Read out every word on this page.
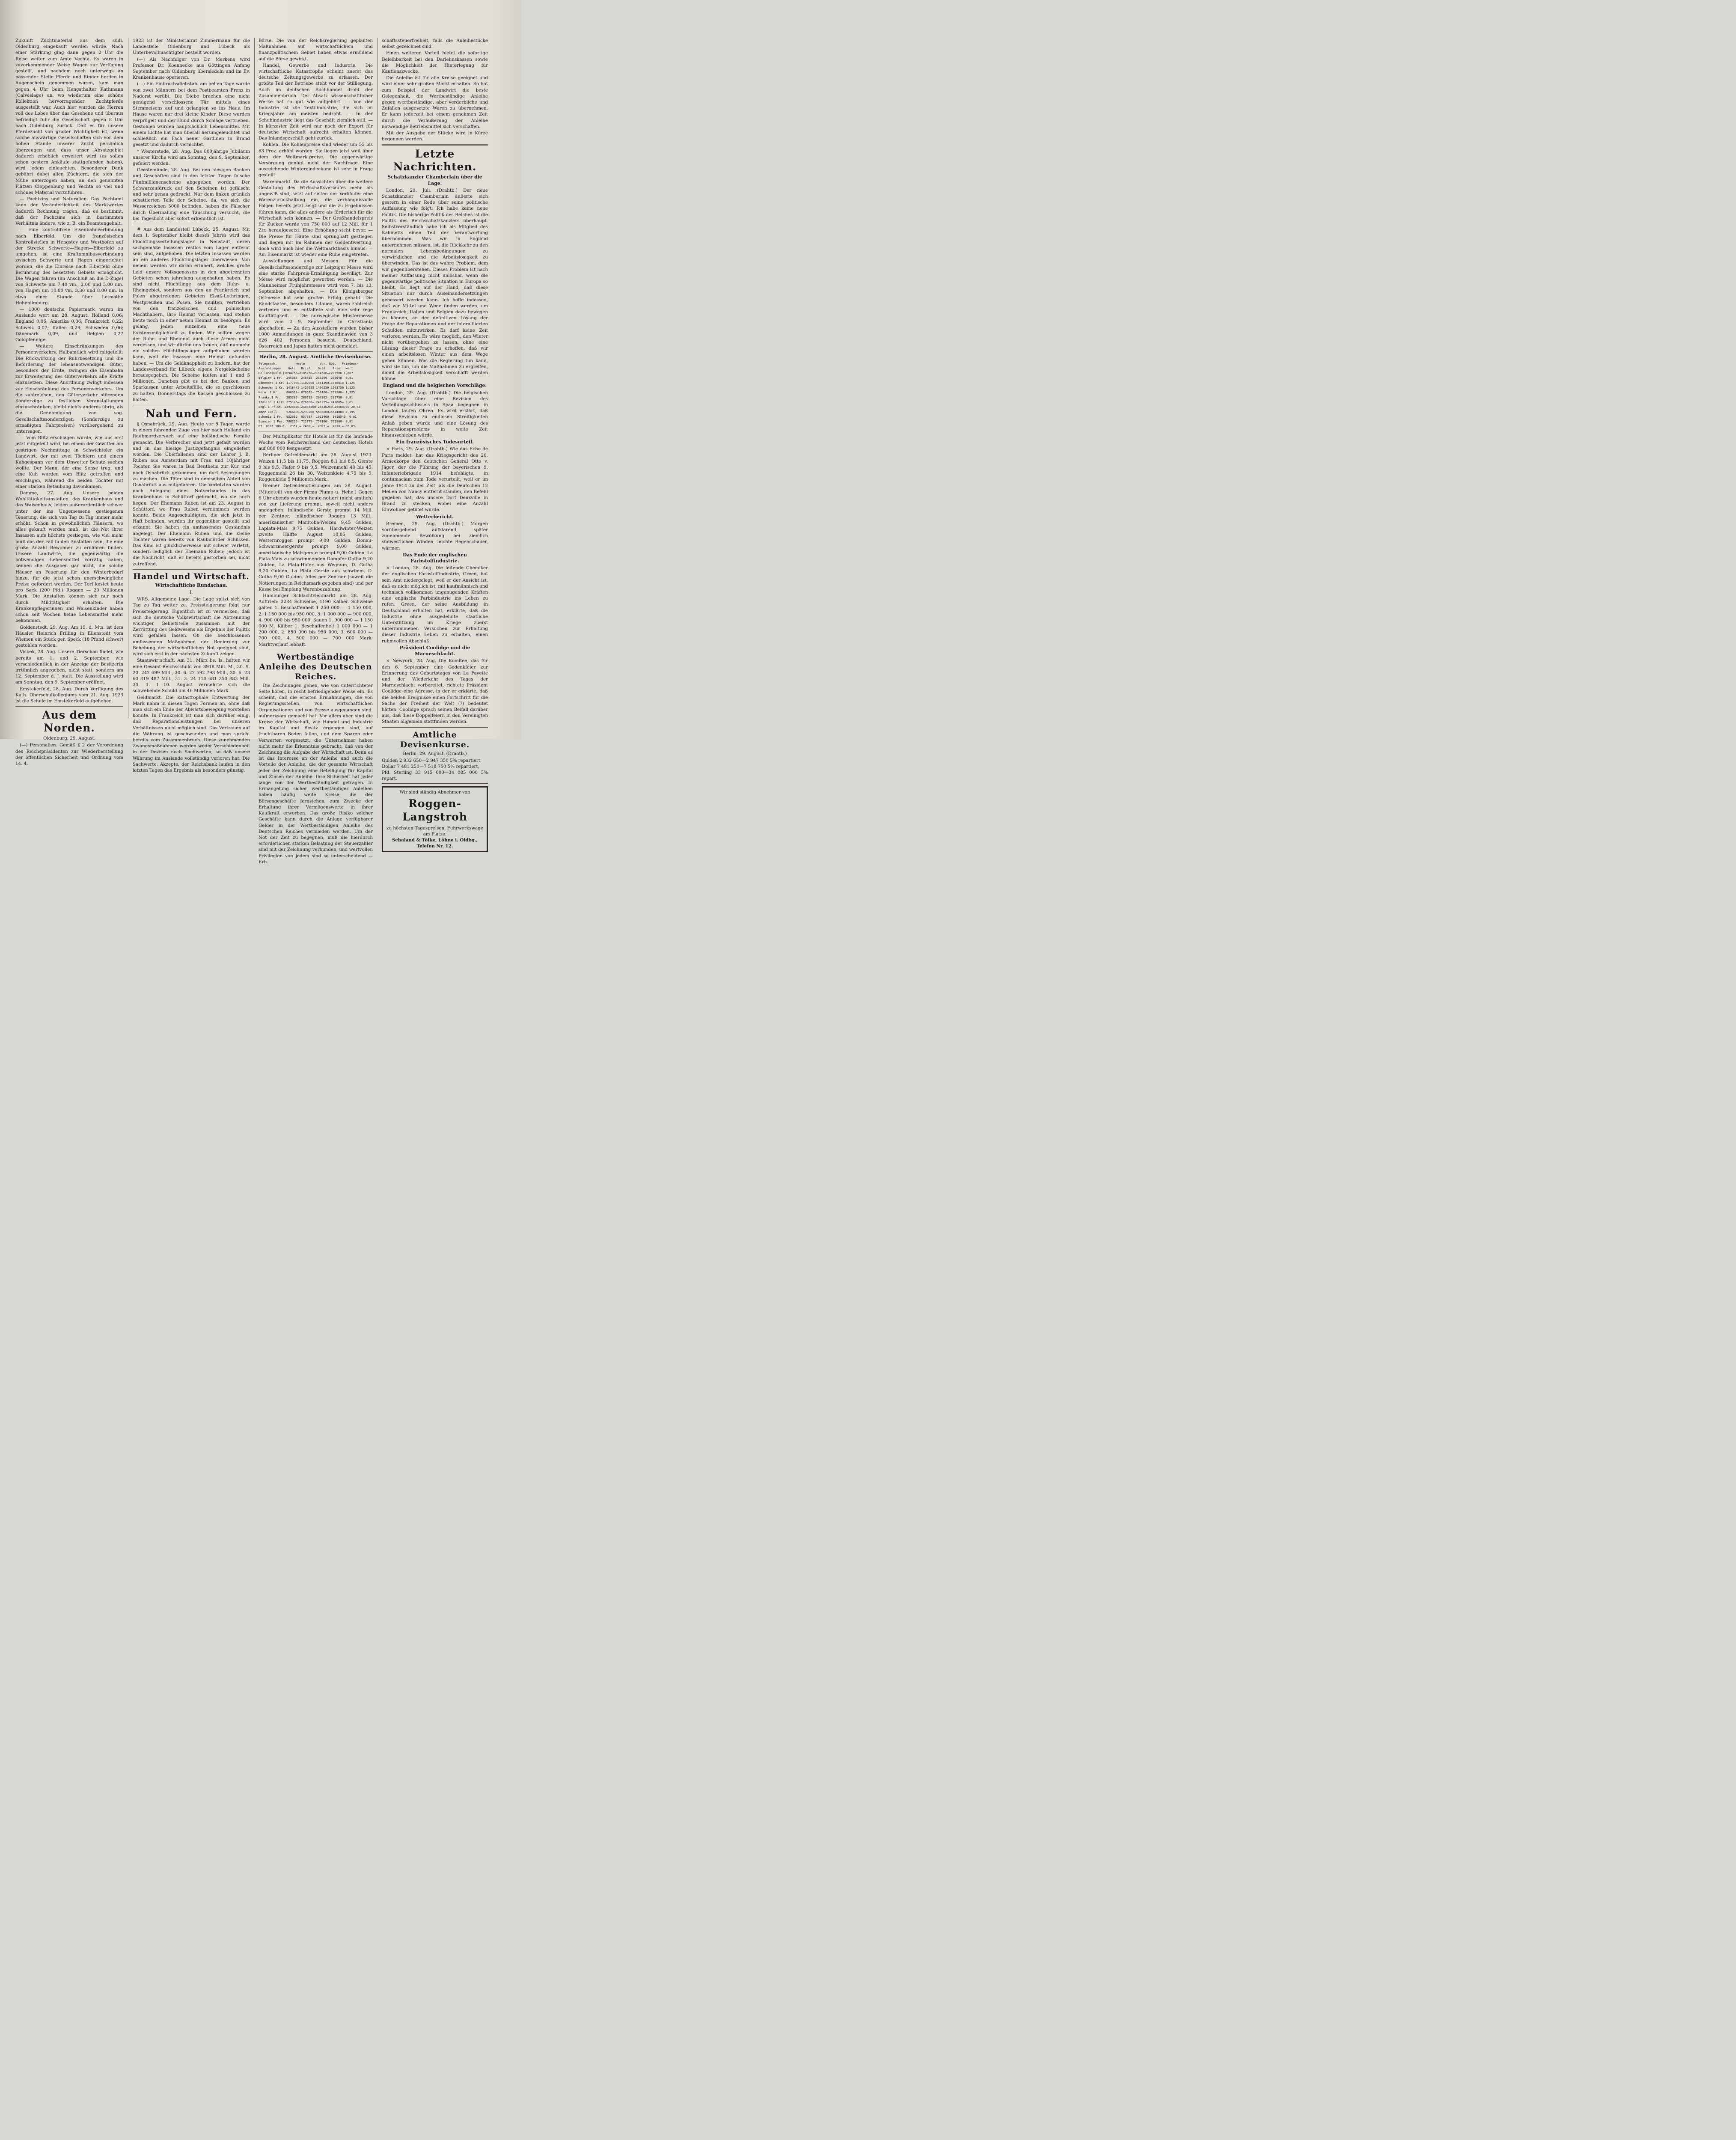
Zukunft Zuchtmaterial aus dem südl. Oldenburg eingekauft werden würde. Nach einer Stärkung ging dann gegen 2 Uhr die Reise weiter zum Amte Vechta. Es waren in zuvorkommender Weise Wagen zur Verfügung gestellt, und nachdem noch unterwegs an passender Stelle Pferde und Rinder herden in Augenschein genommen waren, kam man gegen 4 Uhr beim Hengsthalter Kathmann (Calveslage) an, wo wiederum eine schöne Kollektion hervorragender Zuchtpferde ausgestellt war. Auch hier wurden die Herren voll des Lobes über das Gesehene und überaus befriedigt fuhr die Gesellschaft gegen 8 Uhr nach Oldenburg zurück. Daß es für unsere Pferdezucht von großer Wichtigkeit ist, wenn solche auswärtige Gesellschaften sich von dem hohen Stande unserer Zucht persönlich überzeugen und dass unser Absatzgebiet dadurch erheblich erweitert wird (es sollen schon gestern Ankäufe stattgefunden haben), wird jedem einleuchten. Besonderer Dank gebührt dabei allen Züchtern, die sich der Mühe unterzogen haben, an den genannten Plätzen Cloppenburg und Vechta so viel und schönes Material vorzuführen.

— Pachtzins und Naturalien. Das Pachtamt kann der Veränderlichkeit des Marktwertes dadurch Rechnung tragen, daß es bestimmt, daß der Pachtzins sich in bestimmten Verhältnis ändere, wie z. B. ein Beamtengehalt.

— Eine kontrollfreie Eisenbahnverbindung nach Elberfeld. Um die französischen Kontrollstellen in Hengstey und Westhofen auf der Strecke Schwerte—Hagen—Elberfeld zu umgehen, ist eine Kraftomnibusverbindung zwischen Schwerte und Hagen eingerichtet worden, die die Einreise nach Elberfeld ohne Berührung des besetzten Gebiets ermöglicht. Die Wagen fahren (im Anschluß an die D-Züge) von Schwerte um 7.40 vm., 2.00 und 5.00 nm. von Hagen um 10.00 vm. 3.30 und 8.00 nm. in etwa einer Stunde über Letmathe Hohenlimburg.

— 1000 deutsche Papiermark waren im Auslande wert am 28. August: Holland 0,06; England 0,06; Amerika 0,06; Frankreich 0,22; Schweiz 0,07; Italien 0,29; Schweden 0,06; Dänemark 0,09, und Belgien 0,27 Goldpfennige.

— Weitere Einschränkungen des Personenverkehrs. Halbamtlich wird mitgeteilt: Die Rückwirkung der Ruhrbesetzung und die Beförderung der lebensnotwendigen Güter, besonders der Ernte, zwingen die Eisenbahn zur Erweiterung des Güterverkehrs alle Kräfte einzusetzen. Diese Anordnung zwingt indessen zur Einschränkung des Personenverkehrs. Um die zahlreichen, den Güterverkehr störenden Sonderzüge zu festlichen Veranstaltungen einzuschränken, bleibt nichts anderes übrig, als die Genehmigung von sog. Gesellschaftssonderzügen (Sonderzüge zu ermäßigten Fahrpreisen) vorübergehend zu untersagen.

— Vom Blitz erschlagen wurde, wie uns erst jetzt mitgeteilt wird, bei einem der Gewitter am gestrigen Nachmittage in Schwichteler ein Landwirt, der mit zwei Töchtern und einem Kuhgespann vor dem Unwetter Schutz suchen wollte. Der Mann, der eine Sense trug, und eine Kuh wurden vom Blitz getroffen und erschlagen, während die beiden Töchter mit einer starken Betäubung davonkamen.

Damme, 27. Aug. Unsere beiden Wohltätigkeitsanstalten, das Krankenhaus und das Waisenhaus, leiden außerordentlich schwer unter der ins Ungemessene gestiegenen Teuerung, die sich von Tag zu Tag immer mehr erhöht. Schon in gewöhnlichen Häusern, wo alles gekauft werden muß, ist die Not ihrer Insassen aufs höchste gestiegen, wie viel mehr muß das der Fall in den Anstalten sein, die eine große Anzahl Bewohner zu ernähren finden. Unsere Landwirte, die gegenwärtig die notwendigen Lebensmittel vorrätig haben, kennen die Ausgaben gar nicht, die solche Häuser an Feuerung für den Winterbedarf hinzu, für die jetzt schon unerschwingliche Preise gefordert werden. Der Torf kostet heute pro Sack (200 Pfd.) Roggen — 20 Millionen Mark. Die Anstalten können sich nur noch durch Mildtätigkeit erhalten. Die Krankenpflegerinnen und Waisenkinder haben schon seit Wochen keine Lebensmittel mehr bekommen.

Goldenstedt, 29. Aug. Am 19. d. Mts. ist dem Häusler Heinrich Frilling in Ellenstedt vom Wiemen ein Stück ger. Speck (18 Pfund schwer) gestohlen worden.

Visbek, 28. Aug. Unsere Tierschau findet, wie bereits am 1. und 2. September, wie verschiedentlich in der Anzeige der Besitzerin irrtümlich angegeben, nicht statt, sondern am 12. September d. J. statt. Die Ausstellung wird am Sonntag, den 9. September eröffnet.

Emstekerfeld, 28. Aug. Durch Verfügung des Kath. Oberschulkollegiums vom 21. Aug. 1923 ist die Schule im Emstekerfeld aufgehoben.

Aus dem Norden.
Oldenburg, 29. August.

(—) Personalien. Gemäß § 2 der Verordnung des Reichspräsidenten zur Wiederherstellung der öffentlichen Sicherheit und Ordnung vom 14. 4.

1923 ist der Ministerialrat Zimmermann für die Landesteile Oldenburg und Lübeck als Unterbevollmächtigter bestellt worden.

(—) Als Nachfolger von Dr. Merkens wird Professor Dr. Koennecke aus Göttingen Anfang September nach Oldenburg übersiedeln und im Ev. Krankenhause operieren.

(—) Ein Einbruchsdiebstahl am hellen Tage wurde von zwei Männern bei dem Postbeamten Frenz in Nadorst verübt. Die Diebe brachen eine nicht genügend verschlossene Tür mittels eines Stemmeisens auf und gelangten so ins Haus. Im Hause waren nur drei kleine Kinder. Diese wurden verprügelt und der Hund durch Schläge vertrieben. Gestohlen wurden hauptsächlich Lebensmittel. Mit einem Lichte hat man überall herumgeleuchtet und schließlich ein Fach neuer Gardinen in Brand gesetzt und dadurch vernichtet.

* Westerstede, 28. Aug. Das 800jährige Jubiläum unserer Kirche wird am Sonntag, den 9. September, gefeiert werden.

Geestemünde, 28. Aug. Bei den hiesigen Banken und Geschäften sind in den letzten Tagen falsche Fünfmillionenscheine abgegeben worden. Der Schwarzaufdruck auf den Scheinen ist gefälscht und sehr genau gedruckt. Nur dem linken grünlich schattierten Teile der Scheine, da, wo sich die Wasserzeichen 5000 befinden, haben die Fälscher durch Übermalung eine Täuschung versucht, die bei Tageslicht aber sofort erkenntlich ist.

# Aus dem Landesteil Lübeck, 25. August. Mit dem 1. September bleibt dieses Jahres wird das Flüchtlingsverteilungslager in Neustadt, deren sachgemäße Insassen restlos vom Lager entfernt sein sind, aufgehoben. Die letzten Insassen werden an ein anderes Flüchtlingslager überwiesen. Von neuem werden wir daran erinnert, welches große Leid unsere Volksgenossen in den abgetrennten Gebieten schon jahrelang ausgehalten haben. Es sind nicht Flüchtlinge aus dem Ruhr- u. Rheingebiet, sondern aus den an Frankreich und Polen abgetretenen Gebieten Elsaß-Lothringen, Westpreußen und Posen. Sie mußten, vertrieben von den französischen und polnischen Machthabern, ihre Heimat verlassen, und stehen heute noch in einer neuen Heimat zu besorgen. Es gelang, jeden einzelnen eine neue Existenzmöglichkeit zu finden. Wir sollten wegen der Ruhr- und Rheinnot auch diese Armen nicht vergessen, und wir dürfen uns freuen, daß nunmehr ein solches Flüchtlingslager aufgehoben werden kann, weil die Insassen eine Heimat gefunden haben. — Um die Geldknappheit zu lindern, hat der Landesverband für Lübeck eigene Notgeldscheine herausgegeben. Die Scheine lauten auf 1 und 5 Millionen. Daneben gibt es bei den Banken und Sparkassen unter Arbeitsfülle, die so geschlossen zu halten, Donnerstags die Kassen geschlossen zu halten.

Nah und Fern.

§ Osnabrück, 29. Aug. Heute vor 8 Tagen wurde in einem fahrenden Zuge von hier nach Holland ein Raubmordversuch auf eine holländische Familie gemacht. Die Verbrecher sind jetzt gefaßt worden und in das hiesige Justizgefängnis eingeliefert worden. Die Überfallenen sind der Lehrer J. B. Ruben aus Amsterdam mit Frau und 10jähriger Tochter. Sie waren in Bad Bentheim zur Kur und nach Osnabrück gekommen, um dort Besorgungen zu machen. Die Täter sind in demselben Abteil von Osnabrück aus mitgefahren. Die Verletzten wurden nach Anlegung eines Notverbandes in das Krankenhaus in Schüttorf gebracht, wo sie noch liegen. Der Ehemann Ruben ist am 23. August in Schüttorf, wo Frau Ruben vernommen werden konnte. Beide Angeschuldigten, die sich jetzt in Haft befinden, wurden ihr gegenüber gestellt und erkannt. Sie haben ein umfassendes Geständnis abgelegt. Der Ehemann Ruben und die kleine Tochter waren bereits von Raubmörder Schüssen. Das Kind ist glücklicherweise mit schwer verletzt, sondern lediglich der Ehemann Ruben; jedoch ist die Nachricht, daß er bereits gestorben sei, nicht zutreffend.

Handel und Wirtschaft.
Wirtschaftliche Rundschau.
I.

WRS. Allgemeine Lage. Die Lage spitzt sich von Tag zu Tag weiter zu. Preissteigerung folgt nur Preissteigerung. Eigentlich ist zu vermerken, daß sich die deutsche Volkswirtschaft die Abtrennung wichtiger Gebietsteile zusammen mit der Zerrüttung des Geldwesens als Ergebnis der Politik wird gefallen lassen. Ob die beschlossenen umfassenden Maßnahmen der Regierung zur Behebung der wirtschaftlichen Not geeignet sind, wird sich erst in der nächsten Zukunft zeigen.

Staatswirtschaft. Am 31. März bs. Is. hatten wir eine Gesamt-Reichsschuld von 8918 Mill. M., 30. 9. 20. 242 699 Mill., 30. 6. 22 592 793 Mill., 30. 6. 23 60 819 487 Mill., 31. 3. 24 110 681 350 883 Mill. 30. 1. 1—10. August vermehrte sich die schwebende Schuld um 46 Millionen Mark.

Geldmarkt. Die katastrophale Entwertung der Mark nahm in diesen Tagen Formen an, ohne daß man sich ein Ende der Abwärtsbewegung vorstellen konnte. In Frankreich ist man sich darüber einig, daß Reparationsleistungen bei unseren Verhältnissen nicht möglich sind. Das Vertrauen auf die Währung ist geschwunden und man spricht bereits vom Zusammenbruch. Diese zunehmenden Zwangsmaßnahmen werden weder Verschiedenheit in der Devisen noch Sachwerten, so daß unsere Währung im Auslande vollständig verloren hat. Die Sachwerte, Akzepte, der Reichsbank laufen in den letzten Tagen das Ergebnis als besonders günstig.

Börse. Die von der Reichsregierung geplanten Maßnahmen auf wirtschaftlichem und finanzpolitischem Gebiet haben etwas ermüdend auf die Börse gewirkt.

Handel, Gewerbe und Industrie. Die wirtschaftliche Katastrophe scheint zuerst das deutsche Zeitungsgewerbe zu erfassen. Der größte Teil der Betriebe steht vor der Stilllegung. Auch im deutschen Buchhandel droht der Zusammenbruch. Der Absatz wissenschaftlicher Werke hat so gut wie aufgehört. — Von der Industrie ist die Textilindustrie, die sich im Kriegsjahre am meisten bedroht. — In der Schuhindustrie liegt das Geschäft ziemlich still. — In kürzester Zeit wird nur noch der Export für deutsche Wirtschaft aufrecht erhalten können. Das Inlandsgeschäft geht zurück.

Kohlen. Die Kohlenpreise sind wieder um 55 bis 63 Proz. erhöht worden. Sie liegen jetzt weit über dem der Weltmarktpreise. Die gegenwärtige Versorgung genügt nicht der Nachfrage. Eine ausreichende Wintereindeckung ist sehr in Frage gestellt.

Warenmarkt. Da die Aussichten über die weitere Gestaltung des Wirtschaftsverlaufes mehr als ungewiß sind, setzt auf seiten der Verkäufer eine Warenzurückhaltung ein, die verhängnisvolle Folgen bereits jetzt zeigt und die zu Ergebnissen führen kann, die alles andere als förderlich für die Wirtschaft sein können. — Der Großhandelspreis für Zucker wurde von 750 000 auf 12 Mill. für 1 Ztr. heraufgesetzt. Eine Erhöhung steht bevor. — Die Preise für Häute sind sprunghaft gestiegen und liegen mit im Rahmen der Geldentwertung, doch wird auch hier die Weltmarktbasis hinaus. — Am Eisenmarkt ist wieder eine Ruhe eingetreten.

Ausstellungen und Messen. Für die Gesellschaftssonderzüge zur Leipziger Messe wird eine starke Fahrpreis-Ermäßigung bewilligt. Zur Messe wird möglichst geworben werden. — Die Mannheimer Frühjahrsmesse wird vom 7. bis 13. September abgehalten. — Die Königsberger Ostmesse hat sehr großen Erfolg gehabt. Die Randstaaten, besonders Litauen, waren zahlreich vertreten und es entfaltete sich eine sehr rege Kauftätigkeit. — Die norwegische Mustermesse wird vom 2.—9. September in Christiania abgehalten. — Zu den Ausstellern wurden bisher 1000 Anmeldungen in ganz Skandinavien von 3 626 402 Personen besucht. Deutschland, Österreich und Japan hatten nicht gemeldet.

Berlin, 28. August. Amtliche Devisenkurse.
Telegraph.          Heute        Vor. Not.   Friedens-
Auszahlungen    Geld   Brief    Geld    Brief  wert
Holland(Guld.)2094750—2105250—2194500—2205500 1,687
Belgien 1 Fr.  245385— 246615— 255360— 256640— 0,81
Dänemark 1 Kr. 1177050—1182950 1041390—1046610 1,125
Schweden 1 Kr. 1418445—1425555 1496250—1503750 1,125
Norw. 1 Kr.    866322— 870675— 758100— 761900— 1,125
Frankr.1 Fr.   285285— 286715— 294262— 295738— 0,81
Italien 1 Lire 275176— 276690— 241395— 242605— 0,81
Engl.1 Pf.St. 23925980—24045500 25436250—25568750 20,43
Amer.1Doll.    5266800—5293200 5585000—5614000 4,195
Schweiz 1 Fr.  952612— 957387— 1013460— 1018540— 0,81
Spanien 1 Pes. 708225— 711775— 758100— 761900— 0,81
Dt.-Oest.100 K.  7357,— 7403,—  7893,—  7920,— 85,09

Der Multiplikator für Hotels ist für die laufende Woche vom Reichsverband der deutschen Hotels auf 800 000 festgesetzt.

Berliner Getreidemarkt am 28. August 1923. Weizen 11,5 bis 11,75, Roggen 8,1 bis 8,5, Gerste 9 bis 9,5, Hafer 9 bis 9,5, Weizenmehl 40 bis 45, Roggenmehl 26 bis 30, Weizenkleie 4,75 bis 5, Roggenkleie 5 Millionen Mark.

Bremer Getreidenotierungen am 28. August. (Mitgeteilt von der Firma Plump u. Hehe.) Gegen 6 Uhr abends wurden heute notiert (nicht amtlich) von zur Lieferung prompt, soweit nicht anders angegeben: Inländische Gerste prompt 14 Mill. per Zentner, inländischer Roggen 13 Mill., amerikanischer Manitoba-Weizen 9,45 Gulden, Laplata-Mais 9,75 Gulden, Hardwinter-Weizen zweite Hälfte August 10,05 Gulden, Westernroggen prompt 9,00 Gulden, Donau-Schwarzmeergerste prompt 9,00 Gulden, amerikanische Malzgerste prompt 9,00 Gulden, La Plata-Mais zu schwimmenden Dampfer Gotha 9,20 Gulden, La Plata-Hafer aus Wegnum, D. Gotha 9,20 Gulden, La Plata Gerste aus schwimm. D. Gotha 9,00 Gulden. Alles per Zentner (soweit die Notierungen in Reichsmark gegeben sind) und per Kasse bei Empfang Warenbezahlung.

Hamburger Schlachtviehmarkt am 28. Aug. Auftrieb: 3284 Schweine, 1190 Kälber. Schweine galten 1. Beschaffenheit 1 250 000 — 1 150 000, 2. 1 150 000 bis 950 000, 3. 1 000 000 — 900 000, 4. 900 000 bis 950 000. Sauen 1. 900 000 — 1 150 000 M. Kälber 1. Beschaffenheit 1 000 000 — 1 200 000, 2. 850 000 bis 950 000, 3. 600 000 — 700 000, 4. 500 000 — 700 000 Mark. Marktverlauf lebhaft.

Wertbeständige Anleihe des Deutschen Reiches.

Die Zeichnungen gehen, wie von unterrichteter Seite hören, in recht befriedigender Weise ein. Es scheint, daß die ernsten Ermahnungen, die von Regierungsstellen, von wirtschaftlichen Organisationen und von Presse ausgegangen sind, aufmerksam gemacht hat. Vor allem aber sind die Kreise der Wirtschaft, wie Handel und Industrie im Kapital und Besitz ergangen sind, auf fruchtbaren Boden fallen, und dem Sparen oder Verwerten vorgesetzt, die Unternehmer haben nicht mehr die Erkenntnis gebracht, daß von der Zeichnung die Aufgabe der Wirtschaft ist. Denn es ist das Interesse an der Anleihe und auch die Vorteile der Anleihe, die der gesamte Wirtschaft jeder der Zeichnung eine Beteiligung für Kapital und Zinsen der Anleihe. Ihre Sicherheit hat jeder lange von der Wertbeständigkeit getragen. In Ermangelung sicher wertbeständiger Anleihen haben häufig weite Kreise, die der Börsengeschäfte fernstehen, zum Zwecke der Erhaltung ihrer Vermögenswerte in ihrer Kaufkraft erworben. Das große Risiko solcher Geschäfte kann durch die Anlage verfügbarer Gelder in der Wertbeständigen Anleihe des Deutschen Reiches vermieden werden. Um der Not der Zeit zu begegnen, muß die hierdurch erforderlichen starken Belastung der Steuerzahler sind mit der Zeichnung verbunden, und wertvollen Privilegien von jedem sind so unterscheidend — Erb.

schaftssteuerfreiheit, falls die Anleihestücke selbst gezeichnet sind.

Einen weiteren Vorteil bietet die sofortige Beleihbarkeit bei den Darlehnskassen sowie die Möglichkeit der Hinterlegung für Kautionszwecke.

Die Anleihe ist für alle Kreise geeignet und wird einer sehr großen Markt erhalten. So hat zum Beispiel der Landwirt die beste Gelegenheit, die Wertbeständige Anleihe gegen wertbeständige, aber verderbliche und Zufällen ausgesetzte Waren zu übernehmen. Er kann jederzeit bei einem genehmen Zeit durch die Veräußerung der Anleihe notwendige Betriebsmittel sich verschaffen.

Mit der Ausgabe der Stücke wird in Kürze begonnen werden.

Letzte Nachrichten.
Schatzkanzler Chamberlain über die Lage.

London, 29. Juli. (Drahtb.) Der neue Schatzkanzler Chamberlain äußerte sich gestern in einer Rede über seine politische Auffassung wie folgt: Ich habe keine neue Politik. Die bisherige Politik des Reiches ist die Politik des Reichsschatzkanzlers überhaupt. Selbstverständlich habe ich als Mitglied des Kabinetts einen Teil der Verantwortung übernommen. Was wir in England unternehmen müssen, ist, die Rückkehr zu den normalen Lebensbedingungen zu verwirklichen und die Arbeitslosigkeit zu überwinden. Das ist das wahre Problem, dem wir gegenüberstehen. Dieses Problem ist nach meiner Auffassung nicht unlösbar, wenn die gegenwärtige politische Situation in Europa so bleibt. Es liegt auf der Hand, daß diese Situation nur durch Auseinandersetzungen gebessert werden kann. Ich hoffe indessen, daß wir Mittel und Wege finden werden, um Frankreich, Italien und Belgien dazu bewegen zu können, an der definitiven Lösung der Frage der Reparationen und der interalliierten Schulden mitzuwirken. Es darf keine Zeit verloren werden. Es wäre möglich, den Winter nicht vorübergehen zu lassen, ohne eine Lösung dieser Frage zu erhoffen, daß wir einen arbeitslosen Winter aus dem Wege gehen können. Was die Regierung tun kann, wird sie tun, um die Maßnahmen zu ergreifen, damit die Arbeitslosigkeit verschafft werden könne.

England und die belgischen Vorschläge.

London, 29. Aug. (Drahtb.) Die belgischen Vorschläge über eine Revision des Verteilungsschlüssels in Spaa begegnen in London taufen Ohren. Es wird erklärt, daß diese Revision zu endlosen Streitigkeiten Anlaß geben würde und eine Lösung des Reparationsproblems in weite Zeit hinausschieben würde.

Ein französisches Todesurteil.

× Paris, 29. Aug. (Drahtb.) Wie das Echo de Paris meldet, hat das Kriegsgericht des 20. Armeekorps den deutschen General Otto v. Jäger, der die Führung der bayerischen 9. Infanteriebrigade 1914 befehligte, in contumaciam zum Tode verurteilt, weil er im Jahre 1914 zu der Zeit, als die Deutschen 12 Meilen von Nancy entfernt standen, den Befehl gegeben hat, das unsere Dorf Deuxville in Brand zu stecken, wobei eine Anzahl Einwohner getötet wurde.

Wetterbericht.

Bremen, 29. Aug. (Drahtb.) Morgen vorübergehend aufklarend, später zunehmende Bewölkung bei ziemlich südwestlichen Winden, leichte Regenschauer, wärmer.

Das Ende der englischen Farbstoffindustrie.

× London, 28. Aug. Die leitende Chemiker der englischen Farbstoffindustrie, Green, hat sein Amt niedergelegt, weil er der Ansicht ist, daß es nicht möglich ist, mit kaufmännisch und technisch vollkommen ungenügenden Kräften eine englische Farbindustrie ins Leben zu rufen. Green, der seine Ausbildung in Deutschland erhalten hat, erklärte, daß die Industrie ohne ausgedehnte staatliche Unterstützung im Kriege zuerst unternommenen Versuchen zur Erhaltung dieser Industrie Leben zu erhalten, einen ruhmvollen Abschluß.

Präsident Coolidge und die Marneschlacht.

× Newyork, 28. Aug. Die Komitee, das für den 6. September eine Gedenkfeier zur Erinnerung des Geburtstages von La Fayette und der Wiederkehr des Tages der Marneschlacht vorbereitet, richtete Präsident Coolidge eine Adresse, in der er erklärte, daß die beiden Ereignisse einen Fortschritt für die Sache der Freiheit der Welt (?) bedeutet hätten. Coolidge sprach seinen Beifall darüber aus, daß diese Doppelfeiern in den Vereinigten Staaten allgemein stattfinden werden.

Amtliche Devisenkurse.
Berlin, 29. August. (Drahtb.)
Gulden 2 932 650—2 947 350 5% repartiert,
Dollar 7 481 250—7 518 750 5% repartiert,
Pfd. Sterling 33 915 000—34 085 000 5% repart.
Wir sind ständig Abnehmer von
Roggen-Langstroh
zu höchsten Tagespreisen. Fuhrwerkswage am Platze.
Schaland & Tölke, Löhne i. Oldbg.,
Telefon Nr. 12.
